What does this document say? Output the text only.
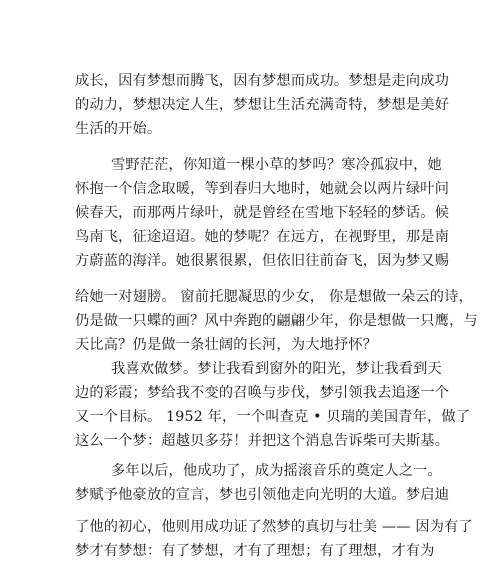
成长，因有梦想而腾飞，因有梦想而成功。梦想是走向成功
的动力，梦想决定人生，梦想让生活充满奇特，梦想是美好
生活的开始。
雪野茫茫，你知道一棵小草的梦吗？寒冷孤寂中，她
怀抱一个信念取暖，等到春归大地时，她就会以两片绿叶问
候春天，而那两片绿叶，就是曾经在雪地下轻轻的梦话。候
鸟南飞，征途迢迢。她的梦呢？在远方，在视野里，那是南
方蔚蓝的海洋。她很累很累，但依旧往前奋飞，因为梦又赐
给她一对翅膀。 窗前托腮凝思的少女， 你是想做一朵云的诗，
仍是做一只蝶的画？风中奔跑的翩翩少年，你是想做一只鹰，与
天比高？仍是做一条壮阔的长河，为大地抒怀？
我喜欢做梦。梦让我看到窗外的阳光，梦让我看到天
边的彩霞；梦给我不变的召唤与步伐，梦引领我去追逐一个
又一个目标。 1952 年，一个叫查克 • 贝瑞的美国青年，做了
这么一个梦：超越贝多芬！并把这个消息告诉柴可夫斯基。
多年以后，他成功了，成为摇滚音乐的奠定人之一。
梦赋予他豪放的宣言，梦也引领他走向光明的大道。梦启迪
了他的初心，他则用成功证了然梦的真切与壮美 —— 因为有了
梦才有梦想：有了梦想，才有了理想；有了理想，才有为
